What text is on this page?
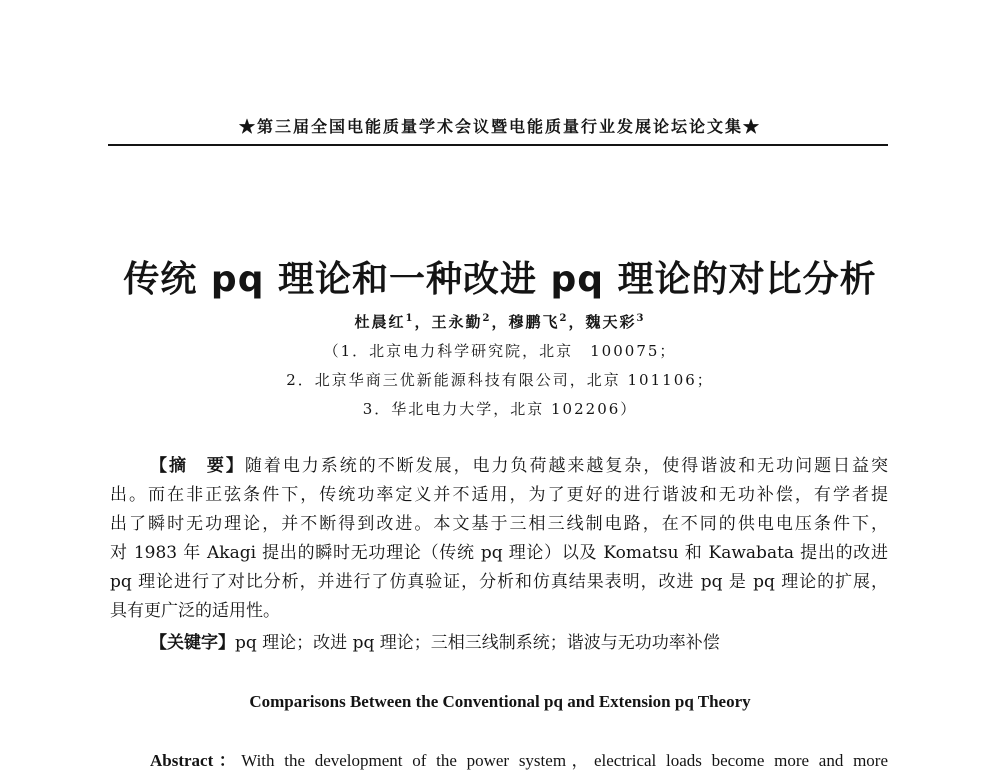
★第三届全国电能质量学术会议暨电能质量行业发展论坛论文集★
传统 pq 理论和一种改进 pq 理论的对比分析
杜晨红$^1$，王永勤$^2$，穆鹏飞$^2$，魏天彩$^3$
（1．北京电力科学研究院，北京　100075；
2．北京华商三优新能源科技有限公司，北京 101106；
3．华北电力大学，北京 102206）
【摘　要】随着电力系统的不断发展，电力负荷越来越复杂，使得谐波和无功问题日益突
出。而在非正弦条件下，传统功率定义并不适用，为了更好的进行谐波和无功补偿，有学者提
出了瞬时无功理论，并不断得到改进。本文基于三相三线制电路，在不同的供电电压条件下，
对 1983 年 Akagi 提出的瞬时无功理论（传统 pq 理论）以及 Komatsu 和 Kawabata 提出的改进
pq 理论进行了对比分析，并进行了仿真验证，分析和仿真结果表明，改进 pq 是 pq 理论的扩展，
具有更广泛的适用性。
【关键字】pq 理论；改进 pq 理论；三相三线制系统；谐波与无功功率补偿
Comparisons Between the Conventional pq and Extension pq Theory
Abstract：With the development of the power system，electrical loads become more and more
